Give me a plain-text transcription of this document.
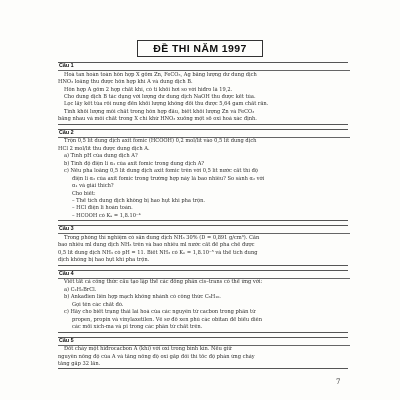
ĐỀ THI NĂM 1997
Câu 1
Hoà tan hoàn toàn hỗn hợp X gồm Zn, FeCO₃, Ag bằng lượng dư dung dịch
HNO₃ loãng thu được hỗn hợp khí A và dung dịch B.
Hỗn hợp A gồm 2 hợp chất khí, có tỉ khối hơi so với hiđro là 19,2.
Cho dung dịch B tác dụng với lượng dư dung dịch NaOH thu được kết tủa.
Lọc lấy kết tủa rồi nung đến khối lượng không đổi thu được 5,64 gam chất rắn.
Tính khối lượng mỗi chất trong hỗn hợp đầu, biết khối lượng Zn và FeCO₃
bằng nhau và mỗi chất trong X chỉ khử HNO₃ xuống một số oxi hoá xác định.
Câu 2
Trộn 0,5 lít dung dịch axit fomic (HCOOH) 0,2 mol/lít vào 0,5 lít dung dịch
HCl 2 mol/lít thu được dung dịch A.
a) Tính pH của dung dịch A?
b) Tính độ điện li α₁ của axit fomic trong dung dịch A?
c) Nếu pha loãng 0,5 lít dung dịch axit fomic trên với 0,5 lít nước cất thì độ
điện li α₂ của axit fomic trong trường hợp này là bao nhiêu? So sánh α₂ với
α₁ và giải thích?
Cho biết:
– Thể tích dung dịch không bị hao hụt khi pha trộn.
– HCl điện li hoàn toàn.
– HCOOH có Kₐ = 1,8.10⁻⁴
Câu 3
Trong phòng thí nghiệm có sẵn dung dịch NH₃ 30% (D = 0,891 g/cm³). Cần
bao nhiêu ml dung dịch NH₃ trên và bao nhiêu ml nước cất để pha chế được
0,5 lít dung dịch NH₃ có pH = 11. Biết NH₃ có Kₙ = 1,8.10⁻⁵ và thể tích dung
dịch không bị hao hụt khi pha trộn.
Câu 4
Viết tất cả công thức cấu tạo lập thể các đồng phân cis–trans có thể ứng với:
a) C₂H₂BrCl.
b) Ankađien liên hợp mạch không nhánh có công thức C₆H₁₀.
Gọi tên các chất đó.
c) Hãy cho biết trạng thái lai hoá của các nguyên tử cacbon trong phân tử
propen, propin và vinylaxetilen. Vẽ sơ đồ xen phủ các obitan để biểu diễn
các mối xích-ma và pi trong các phân tử chất trên.
Câu 5
Đốt cháy một hiđrocacbon A (khí) với oxi trong bình kín. Nếu giữ
nguyên nồng độ của A và tăng nồng độ oxi gấp đôi thì tốc độ phản ứng cháy
tăng gấp 32 lần.
7
